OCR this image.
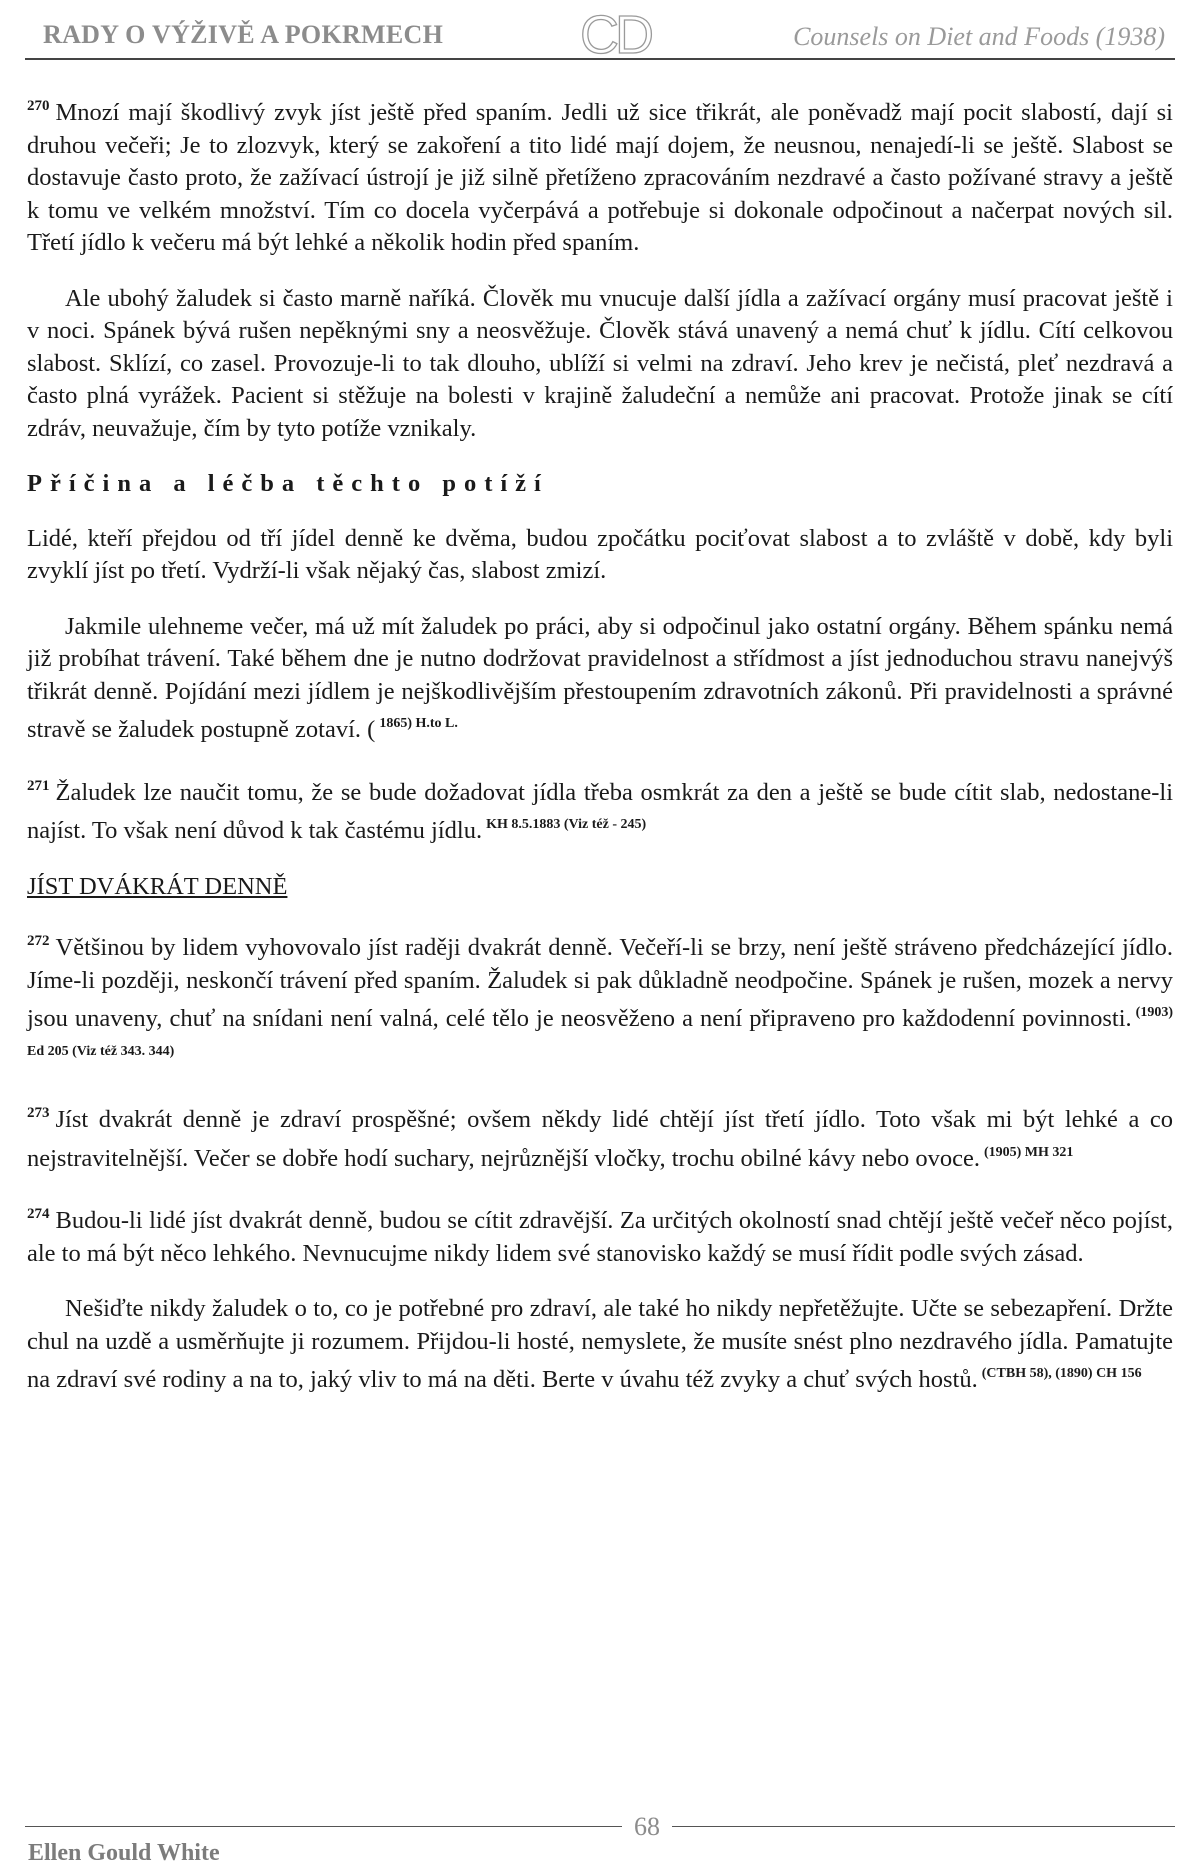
RADY O VÝŽIVĚ A POKRMECH	CD	Counsels on Diet and Foods (1938)

$^{270}$ Mnozí mají škodlivý zvyk jíst ještě před spaním. Jedli už sice třikrát, ale poněvadž mají pocit slabostí, dají si druhou večeři; Je to zlozvyk, který se zakoření a tito lidé mají dojem, že neusnou, nenajedí-li se ještě. Slabost se dostavuje často proto, že zažívací ústrojí je již silně přetíženo zpracováním nezdravé a často požívané stravy a ještě k tomu ve velkém množství. Tím co docela vyčerpává a potřebuje si dokonale odpočinout a načerpat nových sil. Třetí jídlo k večeru má být lehké a několik hodin před spaním.

Ale ubohý žaludek si často marně naříká. Člověk mu vnucuje další jídla a zažívací orgány musí pracovat ještě i v noci. Spánek bývá rušen nepěknými sny a neosvěžuje. Člověk stává unavený a nemá chuť k jídlu. Cítí celkovou slabost. Sklízí, co zasel. Provozuje-li to tak dlouho, ublíží si velmi na zdraví. Jeho krev je nečistá, pleť nezdravá a často plná vyrážek. Pacient si stěžuje na bolesti v krajině žaludeční a nemůže ani pracovat. Protože jinak se cítí zdráv, neuvažuje, čím by tyto potíže vznikaly.

Příčina a léčba těchto potíží

Lidé, kteří přejdou od tří jídel denně ke dvěma, budou zpočátku pociťovat slabost a to zvláště v době, kdy byli zvyklí jíst po třetí. Vydrží-li však nějaký čas, slabost zmizí.

Jakmile ulehneme večer, má už mít žaludek po práci, aby si odpočinul jako ostatní orgány. Během spánku nemá již probíhat trávení. Také během dne je nutno dodržovat pravidelnost a střídmost a jíst jednoduchou stravu nanejvýš třikrát denně. Pojídání mezi jídlem je nejškodlivějším přestoupením zdravotních zákonů. Při pravidelnosti a správné stravě se žaludek postupně zotaví. ( $^{1865) H.to L.}$

$^{271}$ Žaludek lze naučit tomu, že se bude dožadovat jídla třeba osmkrát za den a ještě se bude cítit slab, nedostane-li najíst. To však není důvod k tak častému jídlu. $^{KH 8.5.1883 (Viz též - 245)}$

JÍST DVÁKRÁT DENNĚ

$^{272}$ Většinou by lidem vyhovovalo jíst raději dvakrát denně. Večeří-li se brzy, není ještě stráveno předcházející jídlo. Jíme-li později, neskončí trávení před spaním. Žaludek si pak důkladně neodpočine. Spánek je rušen, mozek a nervy jsou unaveny, chuť na snídani není valná, celé tělo je neosvěženo a není připraveno pro každodenní povinnosti. $^{(1903) Ed 205 (Viz též 343. 344)}$

$^{273}$ Jíst dvakrát denně je zdraví prospěšné; ovšem někdy lidé chtějí jíst třetí jídlo. Toto však mi být lehké a co nejstravitelnější. Večer se dobře hodí suchary, nejrůznější vločky, trochu obilné kávy nebo ovoce. $^{(1905) MH 321}$

$^{274}$ Budou-li lidé jíst dvakrát denně, budou se cítit zdravější. Za určitých okolností snad chtějí ještě večeř něco pojíst, ale to má být něco lehkého. Nevnucujme nikdy lidem své stanovisko každý se musí řídit podle svých zásad.

Nešiďte nikdy žaludek o to, co je potřebné pro zdraví, ale také ho nikdy nepřetěžujte. Učte se sebezapření. Držte chul na uzdě a usměrňujte ji rozumem. Přijdou-li hosté, nemyslete, že musíte snést plno nezdravého jídla. Pamatujte na zdraví své rodiny a na to, jaký vliv to má na děti. Berte v úvahu též zvyky a chuť svých hostů. $^{(CTBH 58), (1890) CH 156}$

68
Ellen Gould White
